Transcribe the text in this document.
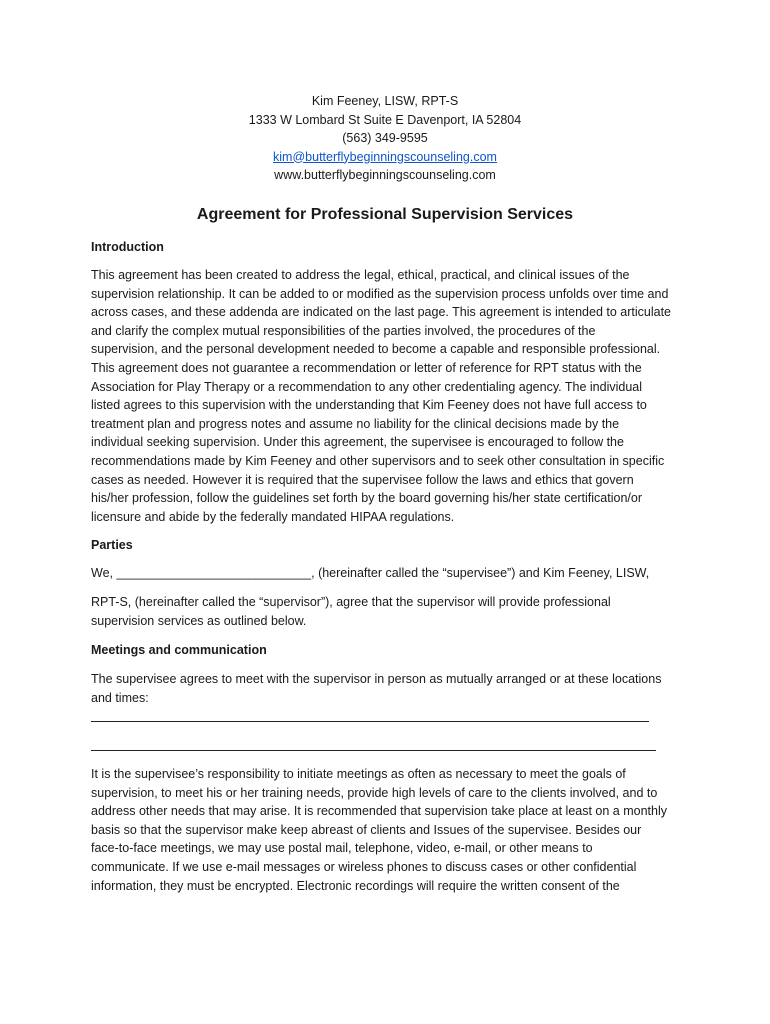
Kim Feeney, LISW, RPT-S
1333 W Lombard St Suite E Davenport, IA 52804
(563) 349-9595
kim@butterflybeginningscounseling.com
www.butterflybeginningscounseling.com
Agreement for Professional Supervision Services
Introduction
This agreement has been created to address the legal, ethical, practical, and clinical issues of the
supervision relationship. It can be added to or modified as the supervision process unfolds over time and
across cases, and these addenda are indicated on the last page. This agreement is intended to articulate
and clarify the complex mutual responsibilities of the parties involved, the procedures of the
supervision, and the personal development needed to become a capable and responsible professional.
This agreement does not guarantee a recommendation or letter of reference for RPT status with the
Association for Play Therapy or a recommendation to any other credentialing agency. The individual
listed agrees to this supervision with the understanding that Kim Feeney does not have full access to
treatment plan and progress notes and assume no liability for the clinical decisions made by the
individual seeking supervision. Under this agreement, the supervisee is encouraged to follow the
recommendations made by Kim Feeney and other supervisors and to seek other consultation in specific
cases as needed. However it is required that the supervisee follow the laws and ethics that govern
his/her profession, follow the guidelines set forth by the board governing his/her state certification/or
licensure and abide by the federally mandated HIPAA regulations.
Parties
We, ____________________________, (hereinafter called the “supervisee”) and Kim Feeney, LISW,
RPT-S, (hereinafter called the “supervisor”), agree that the supervisor will provide professional
supervision services as outlined below.
Meetings and communication
The supervisee agrees to meet with the supervisor in person as mutually arranged or at these locations
and times:
It is the supervisee’s responsibility to initiate meetings as often as necessary to meet the goals of
supervision, to meet his or her training needs, provide high levels of care to the clients involved, and to
address other needs that may arise. It is recommended that supervision take place at least on a monthly
basis so that the supervisor make keep abreast of clients and Issues of the supervisee. Besides our
face-to-face meetings, we may use postal mail, telephone, video, e-mail, or other means to
communicate. If we use e-mail messages or wireless phones to discuss cases or other confidential
information, they must be encrypted. Electronic recordings will require the written consent of the
